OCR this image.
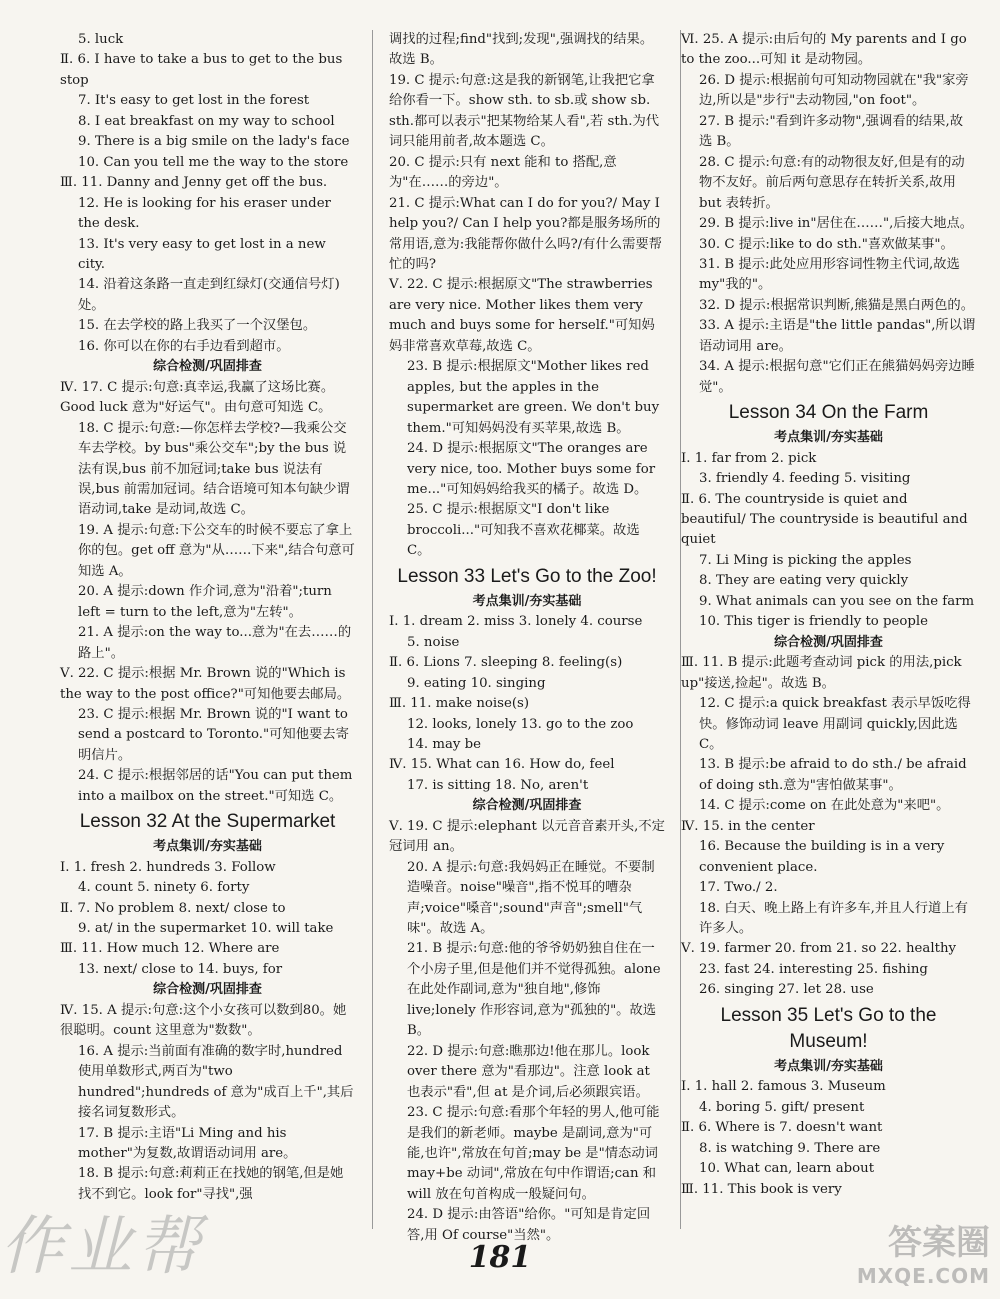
5. luck

Ⅱ. 6. I have to take a bus to get to the bus stop

7. It's easy to get lost in the forest

8. I eat breakfast on my way to school

9. There is a big smile on the lady's face

10. Can you tell me the way to the store

Ⅲ. 11. Danny and Jenny get off the bus.

12. He is looking for his eraser under the desk.

13. It's very easy to get lost in a new city.

14. 沿着这条路一直走到红绿灯(交通信号灯)处。

15. 在去学校的路上我买了一个汉堡包。

16. 你可以在你的右手边看到超市。

综合检测/巩固排查

Ⅳ. 17. C 提示:句意:真幸运,我赢了这场比赛。Good luck 意为"好运气"。由句意可知选 C。

18. C 提示:句意:—你怎样去学校?—我乘公交车去学校。by bus"乘公交车";by the bus 说法有误,bus 前不加冠词;take bus 说法有误,bus 前需加冠词。结合语境可知本句缺少谓语动词,take 是动词,故选 C。

19. A 提示:句意:下公交车的时候不要忘了拿上你的包。get off 意为"从……下来",结合句意可知选 A。

20. A 提示:down 作介词,意为"沿着";turn left = turn to the left,意为"左转"。

21. A 提示:on the way to...意为"在去……的路上"。

Ⅴ. 22. C 提示:根据 Mr. Brown 说的"Which is the way to the post office?"可知他要去邮局。

23. C 提示:根据 Mr. Brown 说的"I want to send a postcard to Toronto."可知他要去寄明信片。

24. C 提示:根据邻居的话"You can put them into a mailbox on the street."可知选 C。

Lesson 32 At the Supermarket

考点集训/夯实基础

Ⅰ. 1. fresh 2. hundreds 3. Follow

4. count 5. ninety 6. forty

Ⅱ. 7. No problem 8. next/ close to

9. at/ in the supermarket 10. will take

Ⅲ. 11. How much 12. Where are

13. next/ close to 14. buys, for

综合检测/巩固排查

Ⅳ. 15. A 提示:句意:这个小女孩可以数到80。她很聪明。count 这里意为"数数"。

16. A 提示:当前面有准确的数字时,hundred使用单数形式,两百为"two hundred";hundreds of 意为"成百上千",其后接名词复数形式。

17. B 提示:主语"Li Ming and his mother"为复数,故谓语动词用 are。

18. B 提示:句意:莉莉正在找她的钢笔,但是她找不到它。look for"寻找",强

调找的过程;find"找到;发现",强调找的结果。故选 B。

19. C 提示:句意:这是我的新钢笔,让我把它拿给你看一下。show sth. to sb.或 show sb. sth.都可以表示"把某物给某人看",若 sth.为代词只能用前者,故本题选 C。

20. C 提示:只有 next 能和 to 搭配,意为"在……的旁边"。

21. C 提示:What can I do for you?/ May I help you?/ Can I help you?都是服务场所的常用语,意为:我能帮你做什么吗?/有什么需要帮忙的吗?

Ⅴ. 22. C 提示:根据原文"The strawberries are very nice. Mother likes them very much and buys some for herself."可知妈妈非常喜欢草莓,故选 C。

23. B 提示:根据原文"Mother likes red apples, but the apples in the supermarket are green. We don't buy them."可知妈妈没有买苹果,故选 B。

24. D 提示:根据原文"The oranges are very nice, too. Mother buys some for me..."可知妈妈给我买的橘子。故选 D。

25. C 提示:根据原文"I don't like broccoli..."可知我不喜欢花椰菜。故选 C。

Lesson 33 Let's Go to the Zoo!

考点集训/夯实基础

Ⅰ. 1. dream 2. miss 3. lonely 4. course

5. noise

Ⅱ. 6. Lions 7. sleeping 8. feeling(s)

9. eating 10. singing

Ⅲ. 11. make noise(s)

12. looks, lonely 13. go to the zoo

14. may be

Ⅳ. 15. What can 16. How do, feel

17. is sitting 18. No, aren't

综合检测/巩固排查

Ⅴ. 19. C 提示:elephant 以元音音素开头,不定冠词用 an。

20. A 提示:句意:我妈妈正在睡觉。不要制造噪音。noise"噪音",指不悦耳的嘈杂声;voice"嗓音";sound"声音";smell"气味"。故选 A。

21. B 提示:句意:他的爷爷奶奶独自住在一个小房子里,但是他们并不觉得孤独。alone 在此处作副词,意为"独自地",修饰 live;lonely 作形容词,意为"孤独的"。故选 B。

22. D 提示:句意:瞧那边!他在那儿。look over there 意为"看那边"。注意 look at 也表示"看",但 at 是介词,后必须跟宾语。

23. C 提示:句意:看那个年轻的男人,他可能是我们的新老师。maybe 是副词,意为"可能,也许",常放在句首;may be 是"情态动词 may+be 动词",常放在句中作谓语;can 和 will 放在句首构成一般疑问句。

24. D 提示:由答语"给你。"可知是肯定回答,用 Of course"当然"。

Ⅵ. 25. A 提示:由后句的 My parents and I go to the zoo...可知 it 是动物园。

26. D 提示:根据前句可知动物园就在"我"家旁边,所以是"步行"去动物园,"on foot"。

27. B 提示:"看到许多动物",强调看的结果,故选 B。

28. C 提示:句意:有的动物很友好,但是有的动物不友好。前后两句意思存在转折关系,故用 but 表转折。

29. B 提示:live in"居住在……",后接大地点。

30. C 提示:like to do sth."喜欢做某事"。

31. B 提示:此处应用形容词性物主代词,故选 my"我的"。

32. D 提示:根据常识判断,熊猫是黑白两色的。

33. A 提示:主语是"the little pandas",所以谓语动词用 are。

34. A 提示:根据句意"它们正在熊猫妈妈旁边睡觉"。

Lesson 34 On the Farm

考点集训/夯实基础

Ⅰ. 1. far from 2. pick

3. friendly 4. feeding 5. visiting

Ⅱ. 6. The countryside is quiet and beautiful/ The countryside is beautiful and quiet

7. Li Ming is picking the apples

8. They are eating very quickly

9. What animals can you see on the farm

10. This tiger is friendly to people

综合检测/巩固排查

Ⅲ. 11. B 提示:此题考查动词 pick 的用法,pick up"接送,捡起"。故选 B。

12. C 提示:a quick breakfast 表示早饭吃得快。修饰动词 leave 用副词 quickly,因此选 C。

13. B 提示:be afraid to do sth./ be afraid of doing sth.意为"害怕做某事"。

14. C 提示:come on 在此处意为"来吧"。

Ⅳ. 15. in the center

16. Because the building is in a very convenient place.

17. Two./ 2.

18. 白天、晚上路上有许多车,并且人行道上有许多人。

Ⅴ. 19. farmer 20. from 21. so 22. healthy

23. fast 24. interesting 25. fishing

26. singing 27. let 28. use

Lesson 35 Let's Go to the Museum!

考点集训/夯实基础

Ⅰ. 1. hall 2. famous 3. Museum

4. boring 5. gift/ present

Ⅱ. 6. Where is 7. doesn't want

8. is watching 9. There are

10. What can, learn about

Ⅲ. 11. This book is very

181
作业帮	答案圈
MXQE.COM
